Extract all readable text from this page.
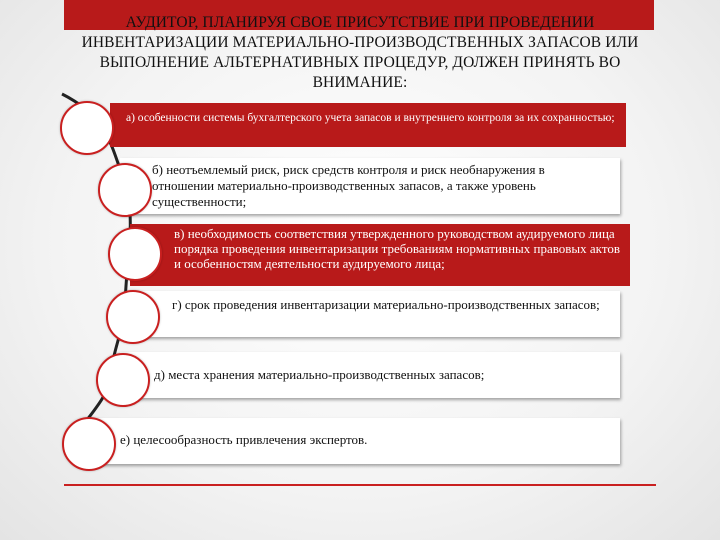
АУДИТОР, ПЛАНИРУЯ СВОЕ ПРИСУТСТВИЕ ПРИ ПРОВЕДЕНИИ ИНВЕНТАРИЗАЦИИ МАТЕРИАЛЬНО-ПРОИЗВОДСТВЕННЫХ ЗАПАСОВ ИЛИ ВЫПОЛНЕНИЕ АЛЬТЕРНАТИВНЫХ ПРОЦЕДУР, ДОЛЖЕН ПРИНЯТЬ ВО ВНИМАНИЕ:
а) особенности системы бухгалтерского учета запасов и внутреннего контроля за их сохранностью;
б) неотъемлемый риск, риск средств контроля и риск необнаружения в отношении материально-производственных запасов, а также уровень существенности;
в) необходимость соответствия утвержденного руководством аудируемого лица порядка проведения инвентаризации требованиям нормативных правовых актов и особенностям деятельности аудируемого лица;
г) срок проведения инвентаризации материально-производственных запасов;
д) места хранения материально-производственных запасов;
е) целесообразность привлечения экспертов.
